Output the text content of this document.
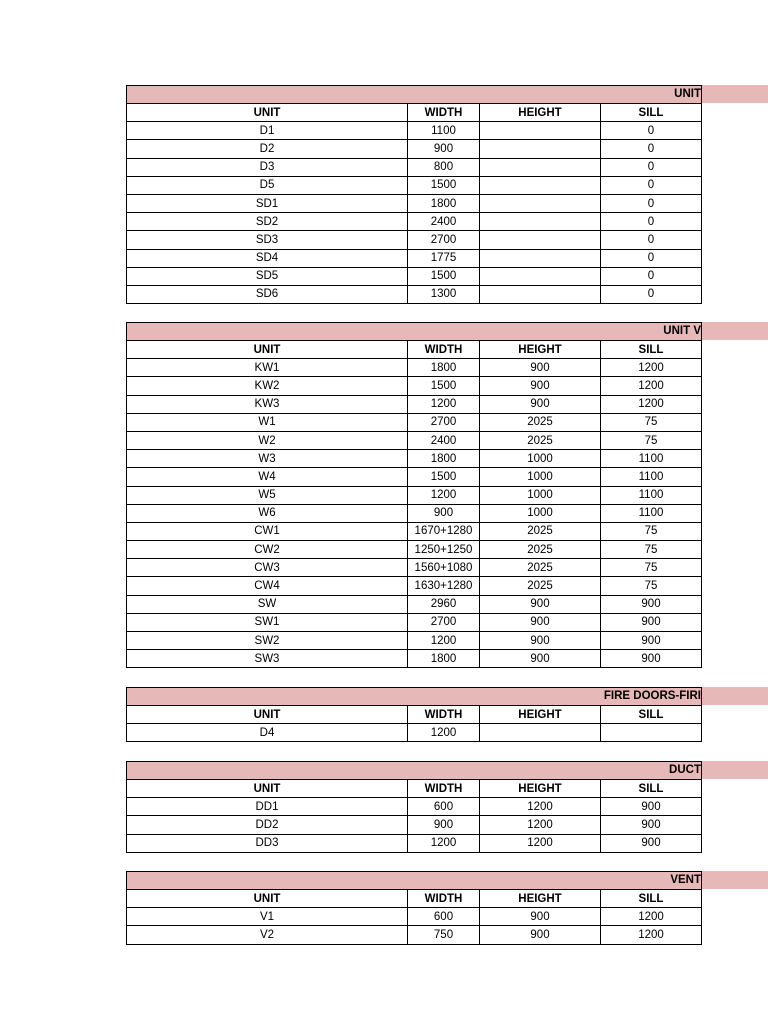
UNIT
UNIT	WIDTH	HEIGHT	SILL
D1	1100		0
D2	900		0
D3	800		0
D5	1500		0
SD1	1800		0
SD2	2400		0
SD3	2700		0
SD4	1775		0
SD5	1500		0
SD6	1300		0
UNIT V
UNIT	WIDTH	HEIGHT	SILL
KW1	1800	900	1200
KW2	1500	900	1200
KW3	1200	900	1200
W1	2700	2025	75
W2	2400	2025	75
W3	1800	1000	1100
W4	1500	1000	1100
W5	1200	1000	1100
W6	900	1000	1100
CW1	1670+1280	2025	75
CW2	1250+1250	2025	75
CW3	1560+1080	2025	75
CW4	1630+1280	2025	75
SW	2960	900	900
SW1	2700	900	900
SW2	1200	900	900
SW3	1800	900	900
FIRE DOORS-FIRI
UNIT	WIDTH	HEIGHT	SILL
D4	1200		
DUCT
UNIT	WIDTH	HEIGHT	SILL
DD1	600	1200	900
DD2	900	1200	900
DD3	1200	1200	900
VENT
UNIT	WIDTH	HEIGHT	SILL
V1	600	900	1200
V2	750	900	1200
